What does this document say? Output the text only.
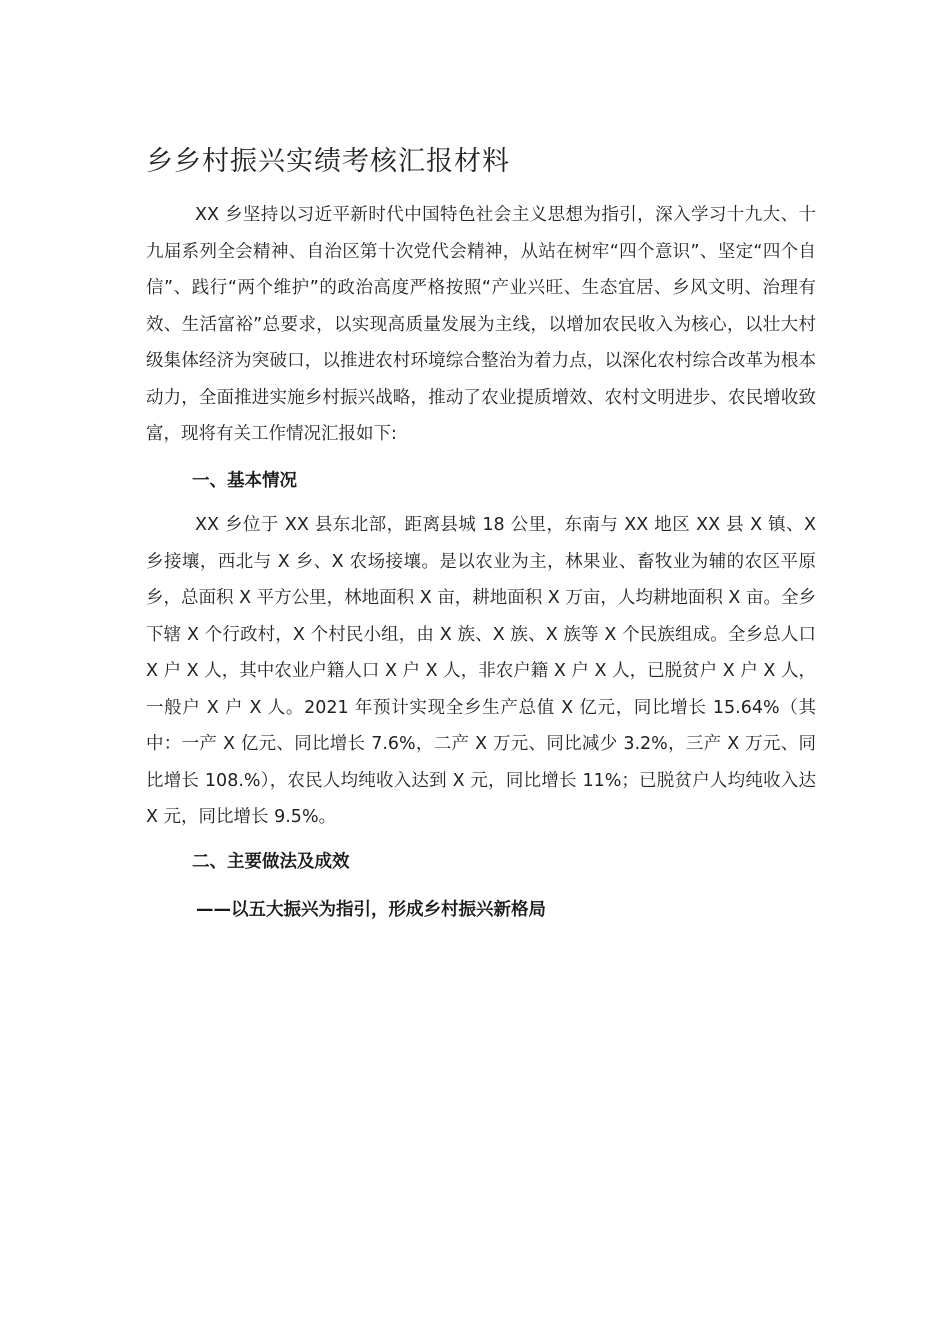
乡乡村振兴实绩考核汇报材料

XX 乡坚持以习近平新时代中国特色社会主义思想为指引，深入学习十九大、十九届系列全会精神、自治区第十次党代会精神，从站在树牢“四个意识”、坚定“四个自信”、践行“两个维护”的政治高度严格按照“产业兴旺、生态宜居、乡风文明、治理有效、生活富裕”总要求，以实现高质量发展为主线，以增加农民收入为核心，以壮大村级集体经济为突破口，以推进农村环境综合整治为着力点，以深化农村综合改革为根本动力，全面推进实施乡村振兴战略，推动了农业提质增效、农村文明进步、农民增收致富，现将有关工作情况汇报如下:

一、基本情况

XX 乡位于 XX 县东北部，距离县城 18 公里，东南与 XX 地区 XX 县 X 镇、X 乡接壤，西北与 X 乡、X 农场接壤。是以农业为主，林果业、畜牧业为辅的农区平原乡，总面积 X 平方公里，林地面积 X 亩，耕地面积 X 万亩，人均耕地面积 X 亩。全乡下辖 X 个行政村，X 个村民小组，由 X 族、X 族、X 族等 X 个民族组成。全乡总人口 X 户 X 人，其中农业户籍人口 X 户 X 人，非农户籍 X 户 X 人，已脱贫户 X 户 X 人，一般户 X 户 X 人。2021 年预计实现全乡生产总值 X 亿元，同比增长 15.64%（其中：一产 X 亿元、同比增长 7.6%，二产 X 万元、同比减少 3.2%，三产 X 万元、同比增长 108.%），农民人均纯收入达到 X 元，同比增长 11%；已脱贫户人均纯收入达 X 元，同比增长 9.5%。

二、主要做法及成效
——以五大振兴为指引，形成乡村振兴新格局
